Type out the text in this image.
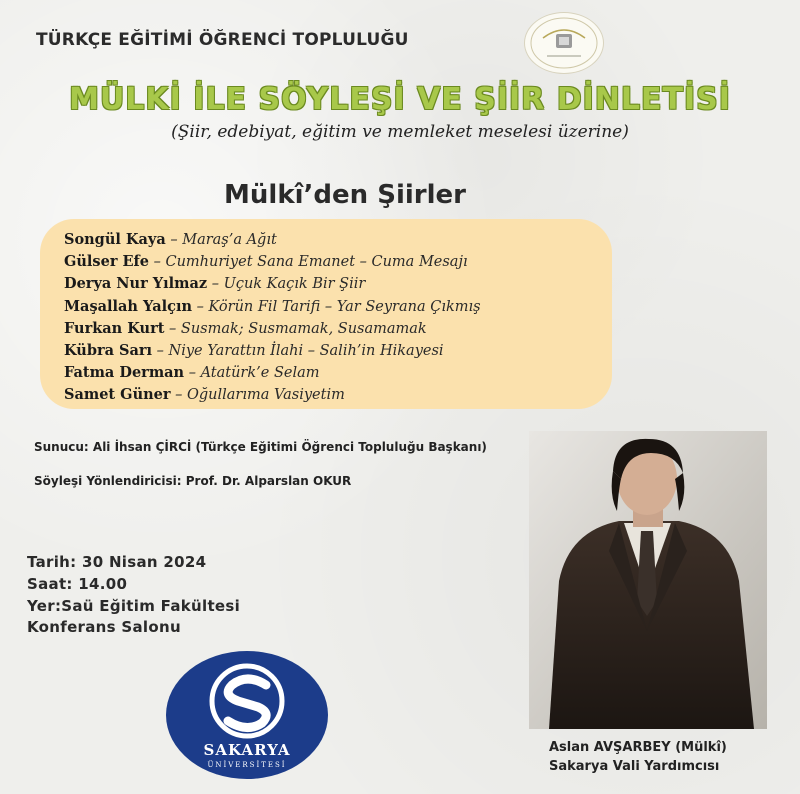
TÜRKÇE EĞİTİMİ ÖĞRENCİ TOPLULUĞU
MÜLKİ İLE SÖYLEŞİ VE ŞİİR DİNLETİSİ
(Şiir, edebiyat, eğitim ve memleket meselesi üzerine)
Mülkî’den Şiirler
Songül Kaya – Maraş’a Ağıt
Gülser Efe – Cumhuriyet Sana Emanet – Cuma Mesajı
Derya Nur Yılmaz – Uçuk Kaçık Bir Şiir
Maşallah Yalçın – Körün Fil Tarifi – Yar Seyrana Çıkmış
Furkan Kurt – Susmak; Susmamak, Susamamak
Kübra Sarı – Niye Yarattın İlahi – Salih’in Hikayesi
Fatma Derman – Atatürk’e Selam
Samet Güner – Oğullarıma Vasiyetim
Sunucu: Ali İhsan ÇİRCİ (Türkçe Eğitimi Öğrenci Topluluğu Başkanı)
Söyleşi Yönlendiricisi: Prof. Dr. Alparslan OKUR
Tarih: 30 Nisan 2024
Saat: 14.00
Yer:Saü Eğitim Fakültesi
Konferans Salonu
SAKARYA
ÜNİVERSİTESİ
Aslan AVŞARBEY (Mülkî)
Sakarya Vali Yardımcısı
